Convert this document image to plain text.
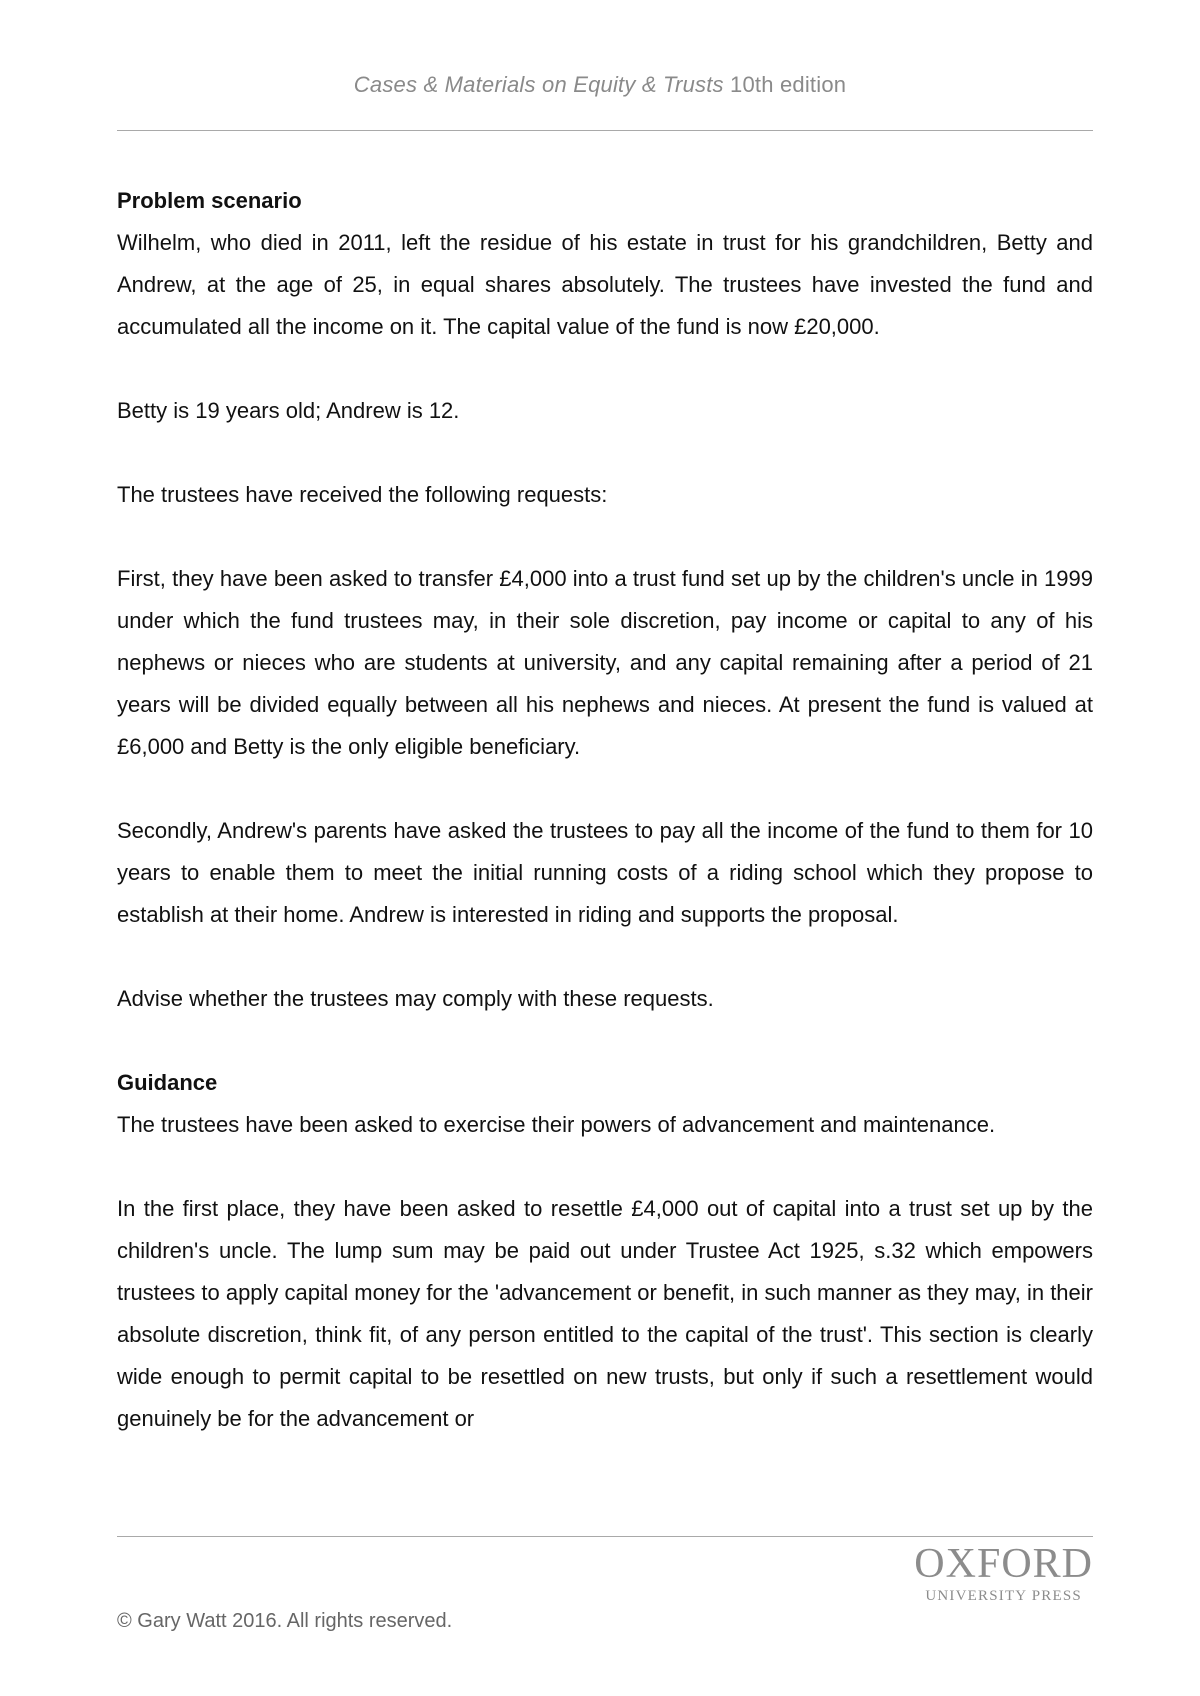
Cases & Materials on Equity & Trusts 10th edition
Problem scenario

Wilhelm, who died in 2011, left the residue of his estate in trust for his grandchildren, Betty and Andrew, at the age of 25, in equal shares absolutely. The trustees have invested the fund and accumulated all the income on it. The capital value of the fund is now £20,000.

Betty is 19 years old; Andrew is 12.

The trustees have received the following requests:

First, they have been asked to transfer £4,000 into a trust fund set up by the children's uncle in 1999 under which the fund trustees may, in their sole discretion, pay income or capital to any of his nephews or nieces who are students at university, and any capital remaining after a period of 21 years will be divided equally between all his nephews and nieces. At present the fund is valued at £6,000 and Betty is the only eligible beneficiary.

Secondly, Andrew's parents have asked the trustees to pay all the income of the fund to them for 10 years to enable them to meet the initial running costs of a riding school which they propose to establish at their home. Andrew is interested in riding and supports the proposal.

Advise whether the trustees may comply with these requests.

Guidance

The trustees have been asked to exercise their powers of advancement and maintenance.

In the first place, they have been asked to resettle £4,000 out of capital into a trust set up by the children's uncle. The lump sum may be paid out under Trustee Act 1925, s.32 which empowers trustees to apply capital money for the 'advancement or benefit, in such manner as they may, in their absolute discretion, think fit, of any person entitled to the capital of the trust'. This section is clearly wide enough to permit capital to be resettled on new trusts, but only if such a resettlement would genuinely be for the advancement or

OXFORD
UNIVERSITY PRESS
© Gary Watt 2016. All rights reserved.
